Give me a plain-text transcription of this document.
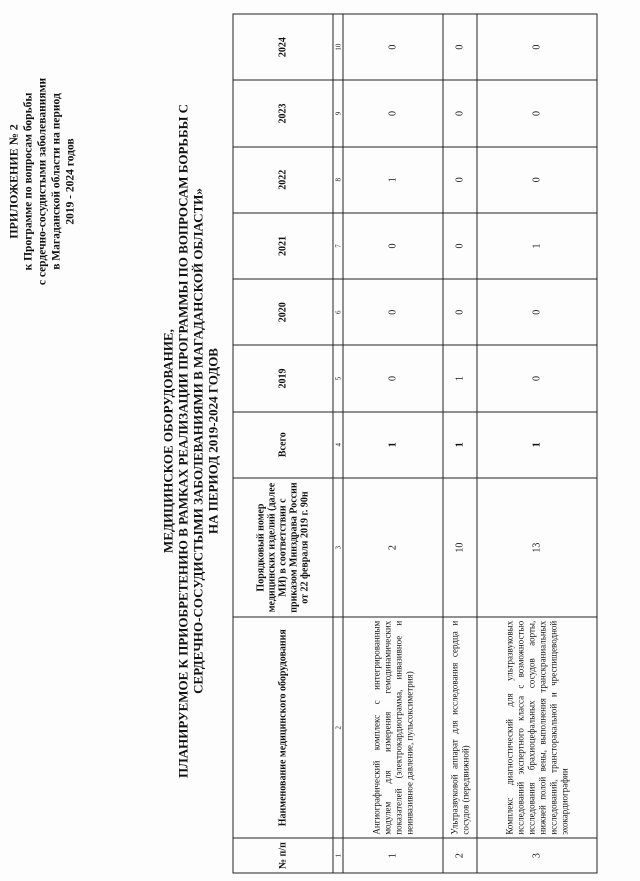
ПРИЛОЖЕНИЕ № 2 к Программе по вопросам борьбы с сердечно-сосудистыми заболеваниями в Магаданской области на период 2019 - 2024 годов
МЕДИЦИНСКОЕ ОБОРУДОВАНИЕ, ПЛАНИРУЕМОЕ К ПРИОБРЕТЕНИЮ В РАМКАХ РЕАЛИЗАЦИИ ПРОГРАММЫ ПО ВОПРОСАМ БОРЬБЫ С СЕРДЕЧНО-СОСУДИСТЫМИ ЗАБОЛЕВАНИЯМИ В МАГАДАНСКОЙ ОБЛАСТИ» НА ПЕРИОД 2019-2024 ГОДОВ
№ п/п	Наименование медицинского оборудования	Порядковый номер медицинских изделий (далее МИ) в соответствии с приказом Минздрава России от 22 февраля 2019 г. 90н	Всего	2019	2020	2021	2022	2023	2024
1	2	3	4	5	6	7	8	9	10
1	Ангиографический комплекс с интегрированным модулем для измерения гемодинамических показателей (электрокардиограмма, инвазивное и неинвазивное давление, пульсоксиметрия)	2	1	0	0	0	1	0	0
2	Ультразвуковой аппарат для исследования сердца и сосудов (передвижной)	10	1	1	0	0	0	0	0
3	Комплекс диагностический для ультразвуковых исследований экспертного класса с возможностью исследования брахиоцефальных сосудов аорты, нижней полой вены, выполнения транскраниальных исследований, трансторакальной и чреспищеводной эхокардиографии	13	1	0	0	1	0	0	0
